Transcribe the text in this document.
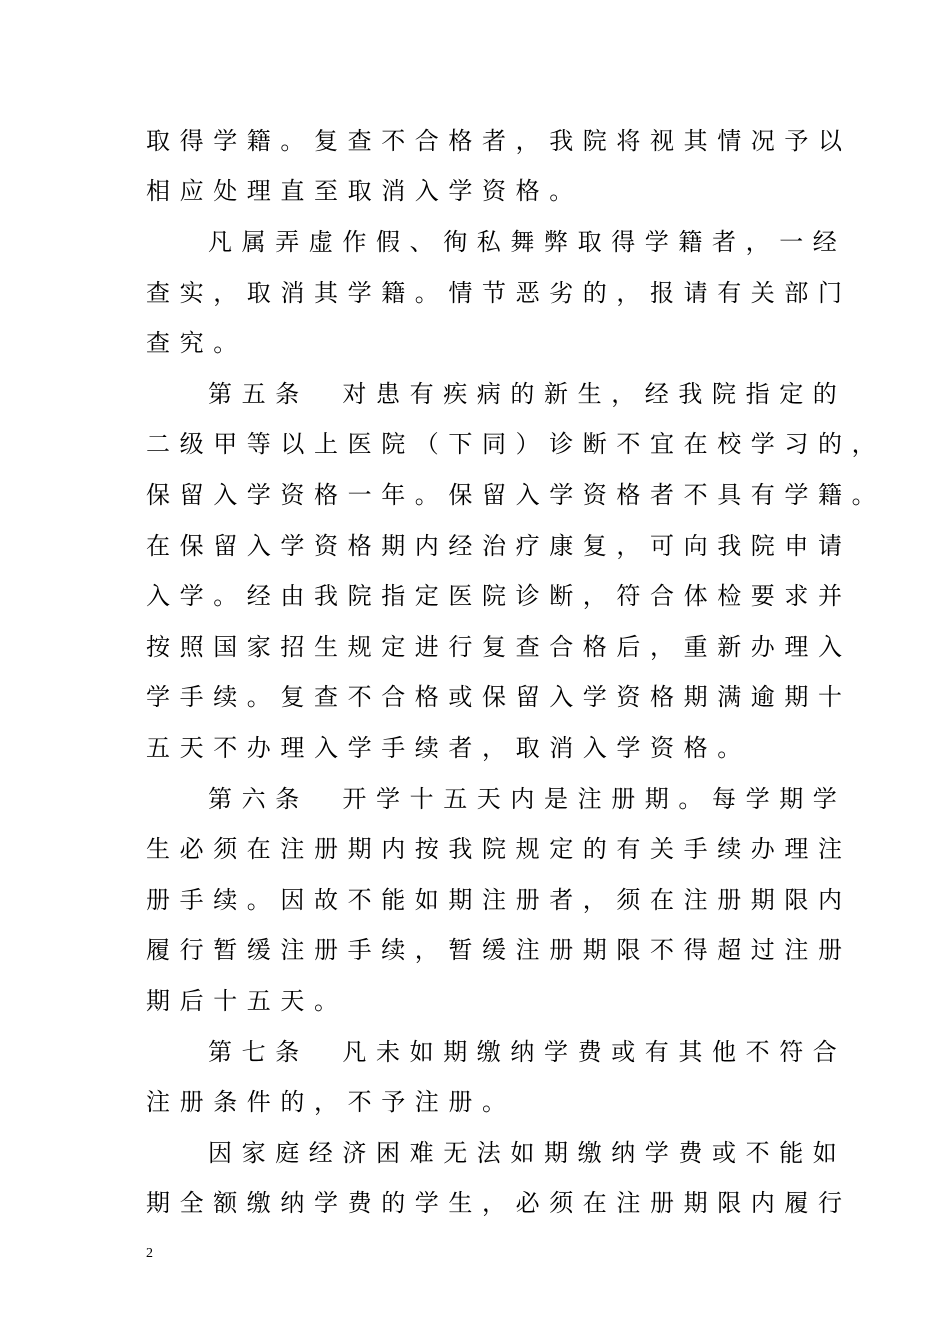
取得学籍。复查不合格者，我院将视其情况予以
相应处理直至取消入学资格。
凡属弄虚作假、徇私舞弊取得学籍者，一经
查实，取消其学籍。情节恶劣的，报请有关部门
查究。
第五条　对患有疾病的新生，经我院指定的
二级甲等以上医院（下同）诊断不宜在校学习的，
保留入学资格一年。保留入学资格者不具有学籍。
在保留入学资格期内经治疗康复，可向我院申请
入学。经由我院指定医院诊断，符合体检要求并
按照国家招生规定进行复查合格后，重新办理入
学手续。复查不合格或保留入学资格期满逾期十
五天不办理入学手续者，取消入学资格。
第六条　开学十五天内是注册期。每学期学
生必须在注册期内按我院规定的有关手续办理注
册手续。因故不能如期注册者，须在注册期限内
履行暂缓注册手续，暂缓注册期限不得超过注册
期后十五天。
第七条　凡未如期缴纳学费或有其他不符合
注册条件的，不予注册。
因家庭经济困难无法如期缴纳学费或不能如
期全额缴纳学费的学生，必须在注册期限内履行
2
